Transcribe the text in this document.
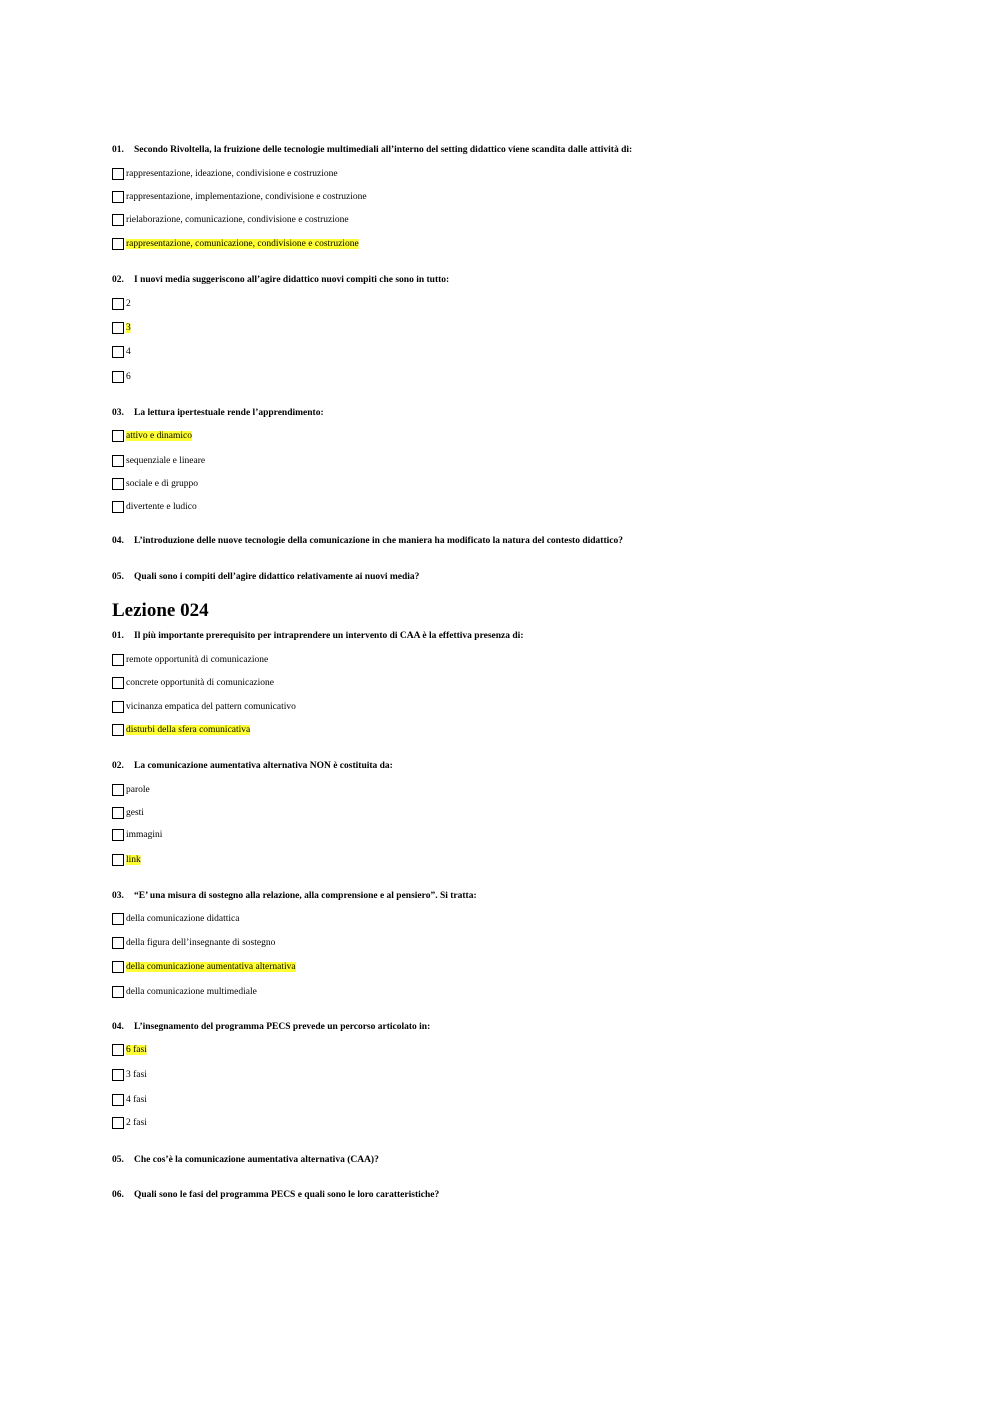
01. Secondo Rivoltella, la fruizione delle tecnologie multimediali all’interno del setting didattico viene scandita dalle attività di:
rappresentazione, ideazione, condivisione e costruzione
rappresentazione, implementazione, condivisione e costruzione
rielaborazione, comunicazione, condivisione e costruzione
rappresentazione, comunicazione, condivisione e costruzione
02. I nuovi media suggeriscono all’agire didattico nuovi compiti che sono in tutto:
2
3
4
6
03. La lettura ipertestuale rende l’apprendimento:
attivo e dinamico
sequenziale e lineare
sociale e di gruppo
divertente e ludico
04. L’introduzione delle nuove tecnologie della comunicazione in che maniera ha modificato la natura del contesto didattico?
05. Quali sono i compiti dell’agire didattico relativamente ai nuovi media?
Lezione 024
01. Il più importante prerequisito per intraprendere un intervento di CAA è la effettiva presenza di:
remote opportunità di comunicazione
concrete opportunità di comunicazione
vicinanza empatica del pattern comunicativo
disturbi della sfera comunicativa
02. La comunicazione aumentativa alternativa NON è costituita da:
parole
gesti
immagini
link
03. “E’ una misura di sostegno alla relazione, alla comprensione e al pensiero”. Si tratta:
della comunicazione didattica
della figura dell’insegnante di sostegno
della comunicazione aumentativa alternativa
della comunicazione multimediale
04. L’insegnamento del programma PECS prevede un percorso articolato in:
6 fasi
3 fasi
4 fasi
2 fasi
05. Che cos’è la comunicazione aumentativa alternativa (CAA)?
06. Quali sono le fasi del programma PECS e quali sono le loro caratteristiche?
